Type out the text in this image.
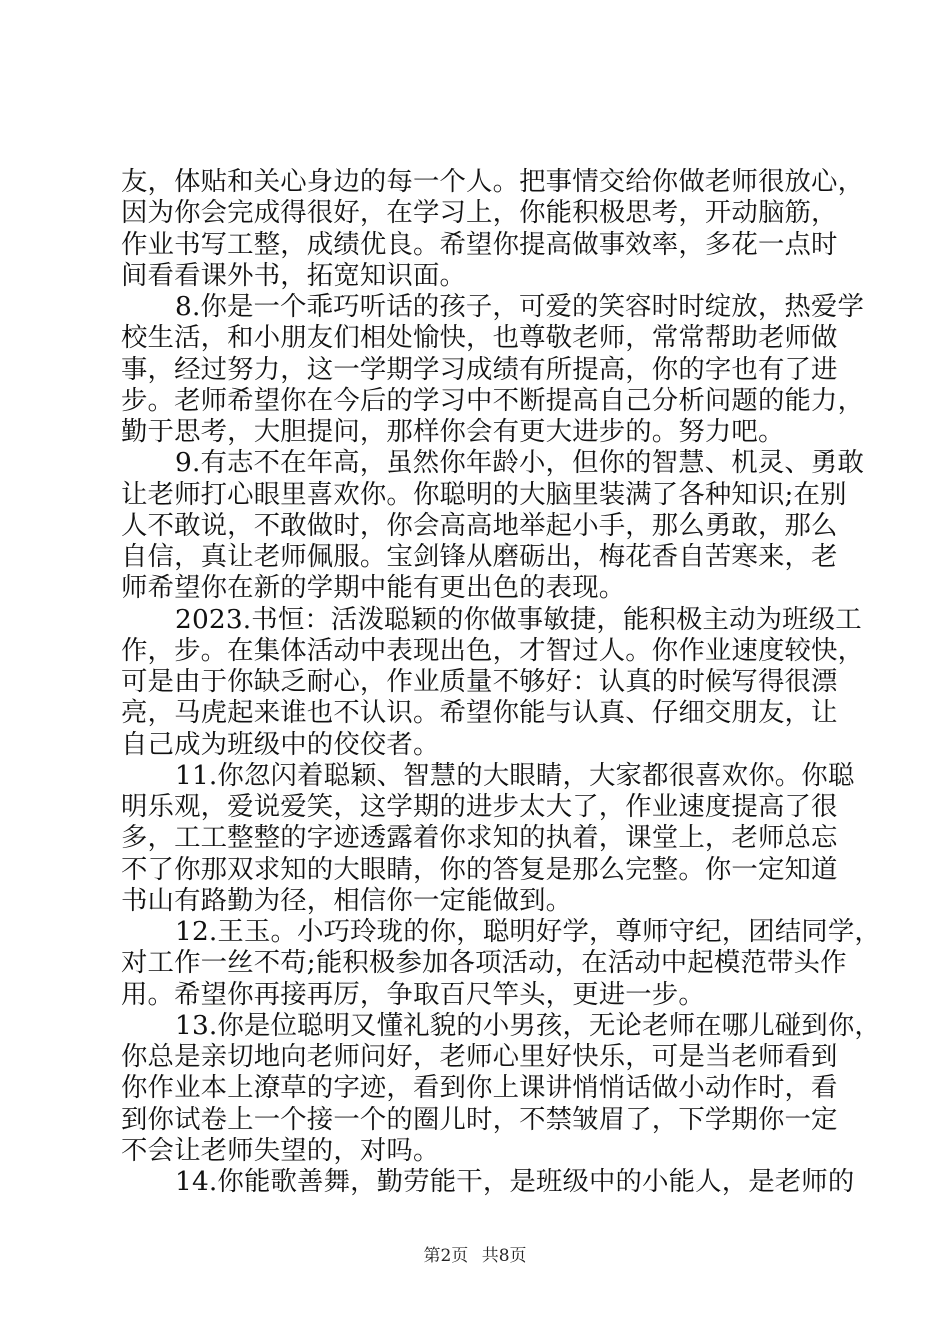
友，体贴和关心身边的每一个人。把事情交给你做老师很放心，
因为你会完成得很好，在学习上，你能积极思考，开动脑筋，
作业书写工整，成绩优良。希望你提高做事效率，多花一点时
间看看课外书，拓宽知识面。
8.你是一个乖巧听话的孩子，可爱的笑容时时绽放，热爱学
校生活，和小朋友们相处愉快，也尊敬老师，常常帮助老师做
事，经过努力，这一学期学习成绩有所提高，你的字也有了进
步。老师希望你在今后的学习中不断提高自己分析问题的能力，
勤于思考，大胆提问，那样你会有更大进步的。努力吧。
9.有志不在年高，虽然你年龄小，但你的智慧、机灵、勇敢
让老师打心眼里喜欢你。你聪明的大脑里装满了各种知识;在别
人不敢说，不敢做时，你会高高地举起小手，那么勇敢，那么
自信，真让老师佩服。宝剑锋从磨砺出，梅花香自苦寒来，老
师希望你在新的学期中能有更出色的表现。
2023.书恒：活泼聪颖的你做事敏捷，能积极主动为班级工
作，步。在集体活动中表现出色，才智过人。你作业速度较快，
可是由于你缺乏耐心，作业质量不够好：认真的时候写得很漂
亮，马虎起来谁也不认识。希望你能与认真、仔细交朋友，让
自己成为班级中的佼佼者。
11.你忽闪着聪颖、智慧的大眼睛，大家都很喜欢你。你聪
明乐观，爱说爱笑，这学期的进步太大了，作业速度提高了很
多，工工整整的字迹透露着你求知的执着，课堂上，老师总忘
不了你那双求知的大眼睛，你的答复是那么完整。你一定知道
书山有路勤为径，相信你一定能做到。
12.王玉。小巧玲珑的你，聪明好学，尊师守纪，团结同学，
对工作一丝不苟;能积极参加各项活动，在活动中起模范带头作
用。希望你再接再厉，争取百尺竿头，更进一步。
13.你是位聪明又懂礼貌的小男孩，无论老师在哪儿碰到你，
你总是亲切地向老师问好，老师心里好快乐，可是当老师看到
你作业本上潦草的字迹，看到你上课讲悄悄话做小动作时，看
到你试卷上一个接一个的圈儿时，不禁皱眉了，下学期你一定
不会让老师失望的，对吗。
14.你能歌善舞，勤劳能干，是班级中的小能人，是老师的
第2页 共8页
